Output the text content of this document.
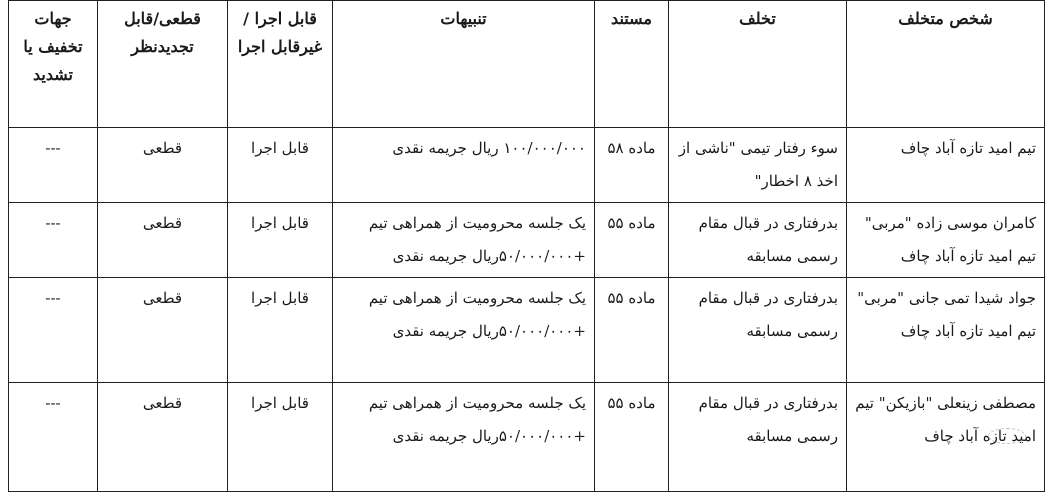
شخص متخلف	تخلف	مستند	تنبیهات	قابل اجرا /غیرقابل اجرا	قطعی/قابل تجدیدنظر	جهات تخفیف یا تشدید
تیم امید تازه آباد چاف	سوء رفتار تیمی "ناشی از اخذ ۸ اخطار"	ماده ۵۸	۱۰۰/۰۰۰/۰۰۰ ریال جریمه نقدی	قابل اجرا	قطعی	---
کامران موسی زاده "مربی" تیم امید تازه آباد چاف	بدرفتاری در قبال مقام رسمی مسابقه	ماده ۵۵	یک جلسه محرومیت از همراهی تیم +۵۰/۰۰۰/۰۰۰ریال جریمه نقدی	قابل اجرا	قطعی	---
جواد شیدا تمی جانی "مربی" تیم امید تازه آباد چاف	بدرفتاری در قبال مقام رسمی مسابقه	ماده ۵۵	یک جلسه محرومیت از همراهی تیم +۵۰/۰۰۰/۰۰۰ریال جریمه نقدی	قابل اجرا	قطعی	---
مصطفی زینعلی "بازیکن" تیم امید تازه آباد چاف	بدرفتاری در قبال مقام رسمی مسابقه	ماده ۵۵	یک جلسه محرومیت از همراهی تیم +۵۰/۰۰۰/۰۰۰ریال جریمه نقدی	قابل اجرا	قطعی	---
